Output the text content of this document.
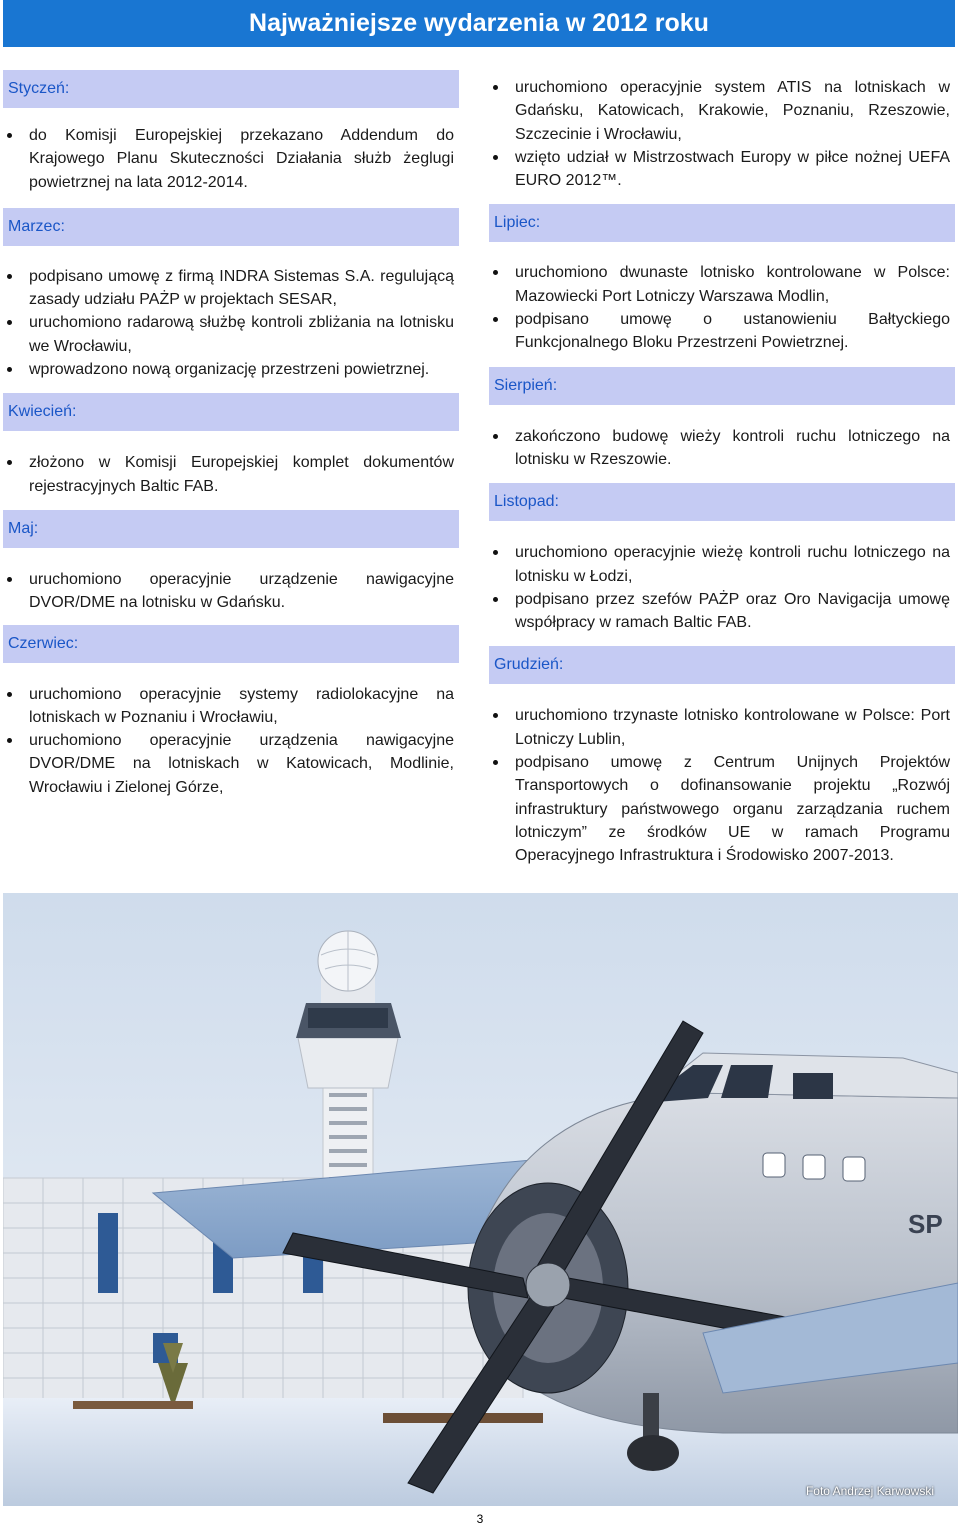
Najważniejsze wydarzenia w 2012 roku
Styczeń:
do Komisji Europejskiej przekazano Addendum do Krajowego Planu Skuteczności Działania służb żeglugi powietrznej na lata 2012-2014.
Marzec:
podpisano umowę z firmą INDRA Sistemas S.A. regulującą zasady udziału PAŻP w projektach SESAR,
uruchomiono radarową służbę kontroli zbliżania na lotnisku we Wrocławiu,
wprowadzono nową organizację przestrzeni powietrznej.
Kwiecień:
złożono w Komisji Europejskiej komplet dokumentów rejestracyjnych Baltic FAB.
Maj:
uruchomiono operacyjnie urządzenie nawigacyjne DVOR/DME na lotnisku w Gdańsku.
Czerwiec:
uruchomiono operacyjnie systemy radiolokacyjne na lotniskach w Poznaniu i Wrocławiu,
uruchomiono operacyjnie urządzenia nawigacyjne DVOR/DME na lotniskach w Katowicach, Modlinie, Wrocławiu i Zielonej Górze,
uruchomiono operacyjnie system ATIS na lotniskach w Gdańsku, Katowicach, Krakowie, Poznaniu, Rzeszowie, Szczecinie i Wrocławiu,
wzięto udział w Mistrzostwach Europy w piłce nożnej UEFA EURO 2012™.
Lipiec:
uruchomiono dwunaste lotnisko kontrolowane w Polsce: Mazowiecki Port Lotniczy Warszawa Modlin,
podpisano umowę o ustanowieniu Bałtyckiego Funkcjonalnego Bloku Przestrzeni Powietrznej.
Sierpień:
zakończono budowę wieży kontroli ruchu lotniczego na lotnisku w Rzeszowie.
Listopad:
uruchomiono operacyjnie wieżę kontroli ruchu lotniczego na lotnisku w Łodzi,
podpisano przez szefów PAŻP oraz Oro Navigacija umowę współpracy w ramach Baltic FAB.
Grudzień:
uruchomiono trzynaste lotnisko kontrolowane w Polsce: Port Lotniczy Lublin,
podpisano umowę z Centrum Unijnych Projektów Transportowych o dofinansowanie projektu „Rozwój infrastruktury państwowego organu zarządzania ruchem lotniczym” ze środków UE w ramach Programu Operacyjnego Infrastruktura i Środowisko 2007-2013.
SP
Foto Andrzej Karwowski
3
